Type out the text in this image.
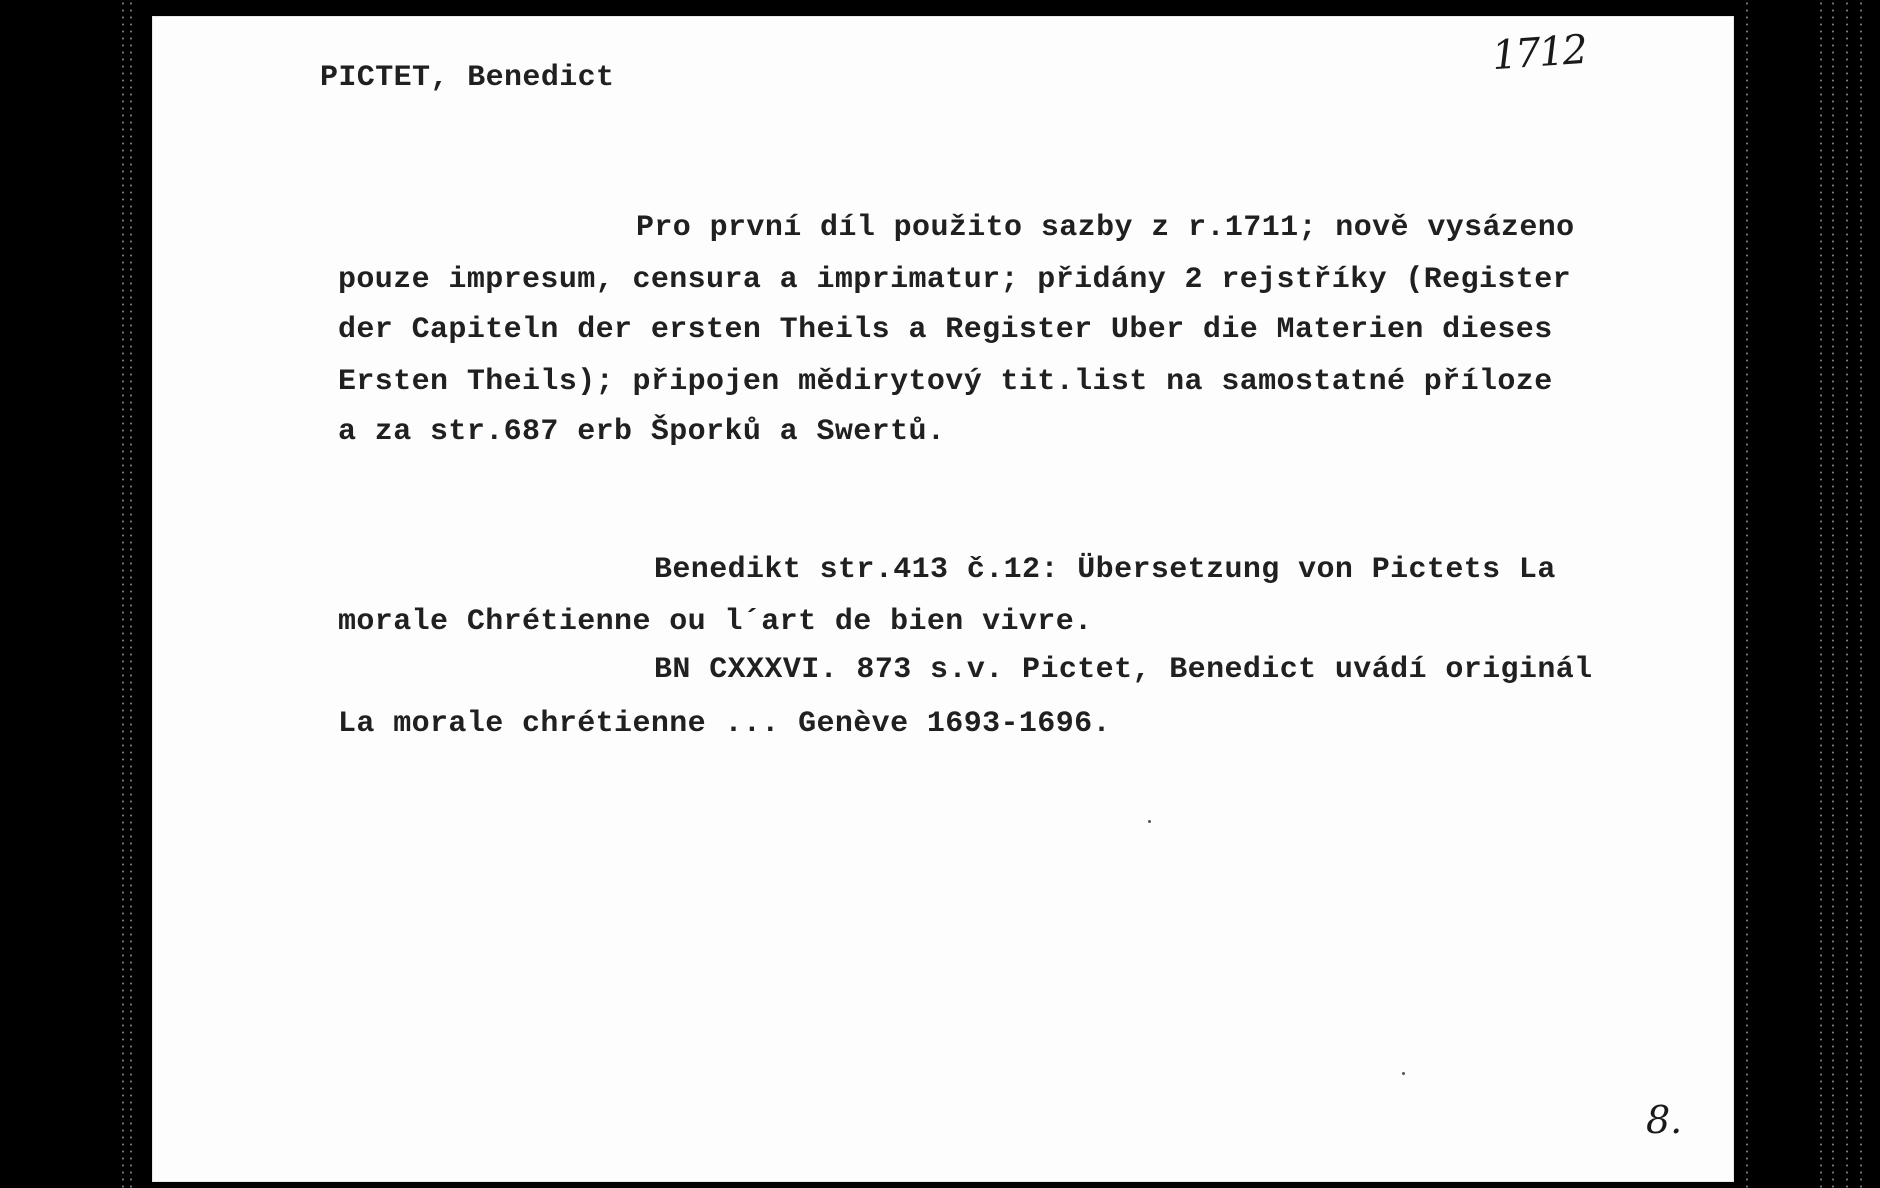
PICTET, Benedict	1712
Pro první díl použito sazby z r.1711; nově vysázeno
pouze impresum, censura a imprimatur; přidány 2 rejstříky (Register
der Capiteln der ersten Theils a Register Uber die Materien dieses
Ersten Theils); připojen mědirytový tit.list na samostatné příloze
a za str.687 erb Šporků a Swertů.
Benedikt str.413 č.12: Übersetzung von Pictets La
morale Chrétienne ou l´art de bien vivre.
BN CXXXVI. 873 s.v. Pictet, Benedict uvádí originál
La morale chrétienne ... Genève 1693-1696.
8.
